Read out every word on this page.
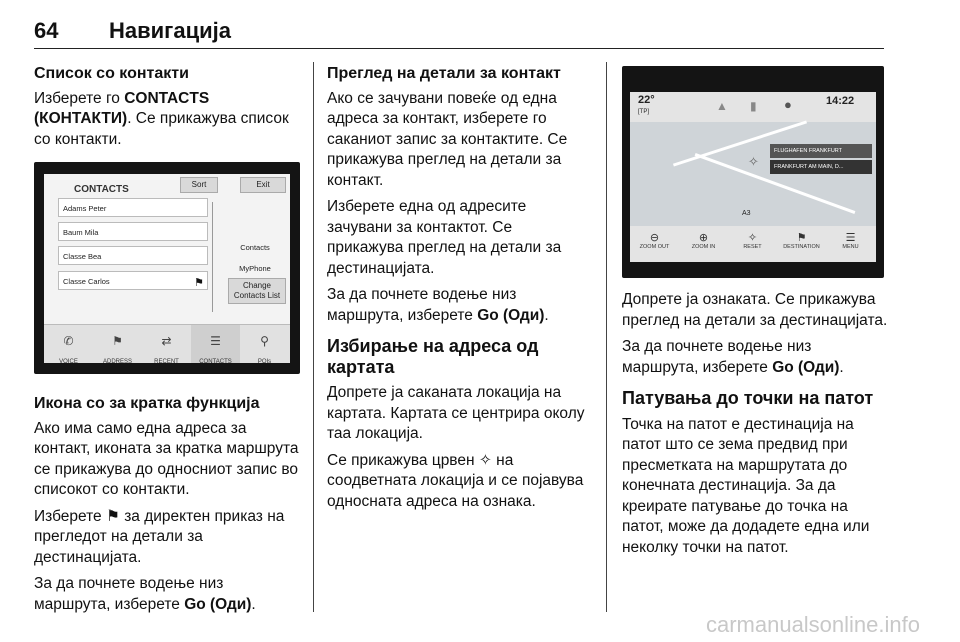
64 Навигација
Список со контакти

Изберете го CONTACTS (КОНТАКТИ). Се прикажува список со контакти.

CONTACTS	Sort	Exit
Adams Peter
Baum Mila
Classe Bea
Classe Carlos	⚑
Contacts MyPhone
Change Contacts List
✆
VOICE
⚑
ADDRESS
⇄
RECENT
☰
CONTACTS
⚲
POIs
Икона со за кратка функција

Ако има само една адреса за контакт, иконата за кратка маршрута се прикажува до односниот запис во списокот со контакти.

Изберете ⚑ за директен приказ на прегледот на детали за дестинацијата.

За да почнете водење низ маршрута, изберете Go (Оди).

Преглед на детали за контакт

Ако се зачувани повеќе од една адреса за контакт, изберете го саканиот запис за контактите. Се прикажува преглед на детали за контакт.

Изберете една од адресите зачувани за контактот. Се прикажува преглед на детали за дестинацијата.

За да почнете водење низ маршрута, изберете Go (Оди).

Избирање на адреса од картата

Допрете ја саканата локација на картата. Картата се центрира околу таа локација.

Се прикажува црвен ✧ на соодветната локација и се појавува односната адреса на ознака.

22°
[TP]	▲ ▮ ●	14:22
FLUGHAFEN FRANKFURT
FRANKFURT AM MAIN, D...
✧
A3
⊖
ZOOM OUT
⊕
ZOOM IN
✧
RESET
⚑
DESTINATION
☰
MENU

Допрете ја ознаката. Се прикажува преглед на детали за дестинацијата.

За да почнете водење низ маршрута, изберете Go (Оди).

Патувања до точки на патот

Точка на патот е дестинација на патот што се зема предвид при пресметката на маршрутата до конечната дестинација. За да креирате патување до точка на патот, може да додадете една или неколку точки на патот.

carmanualsonline.info
